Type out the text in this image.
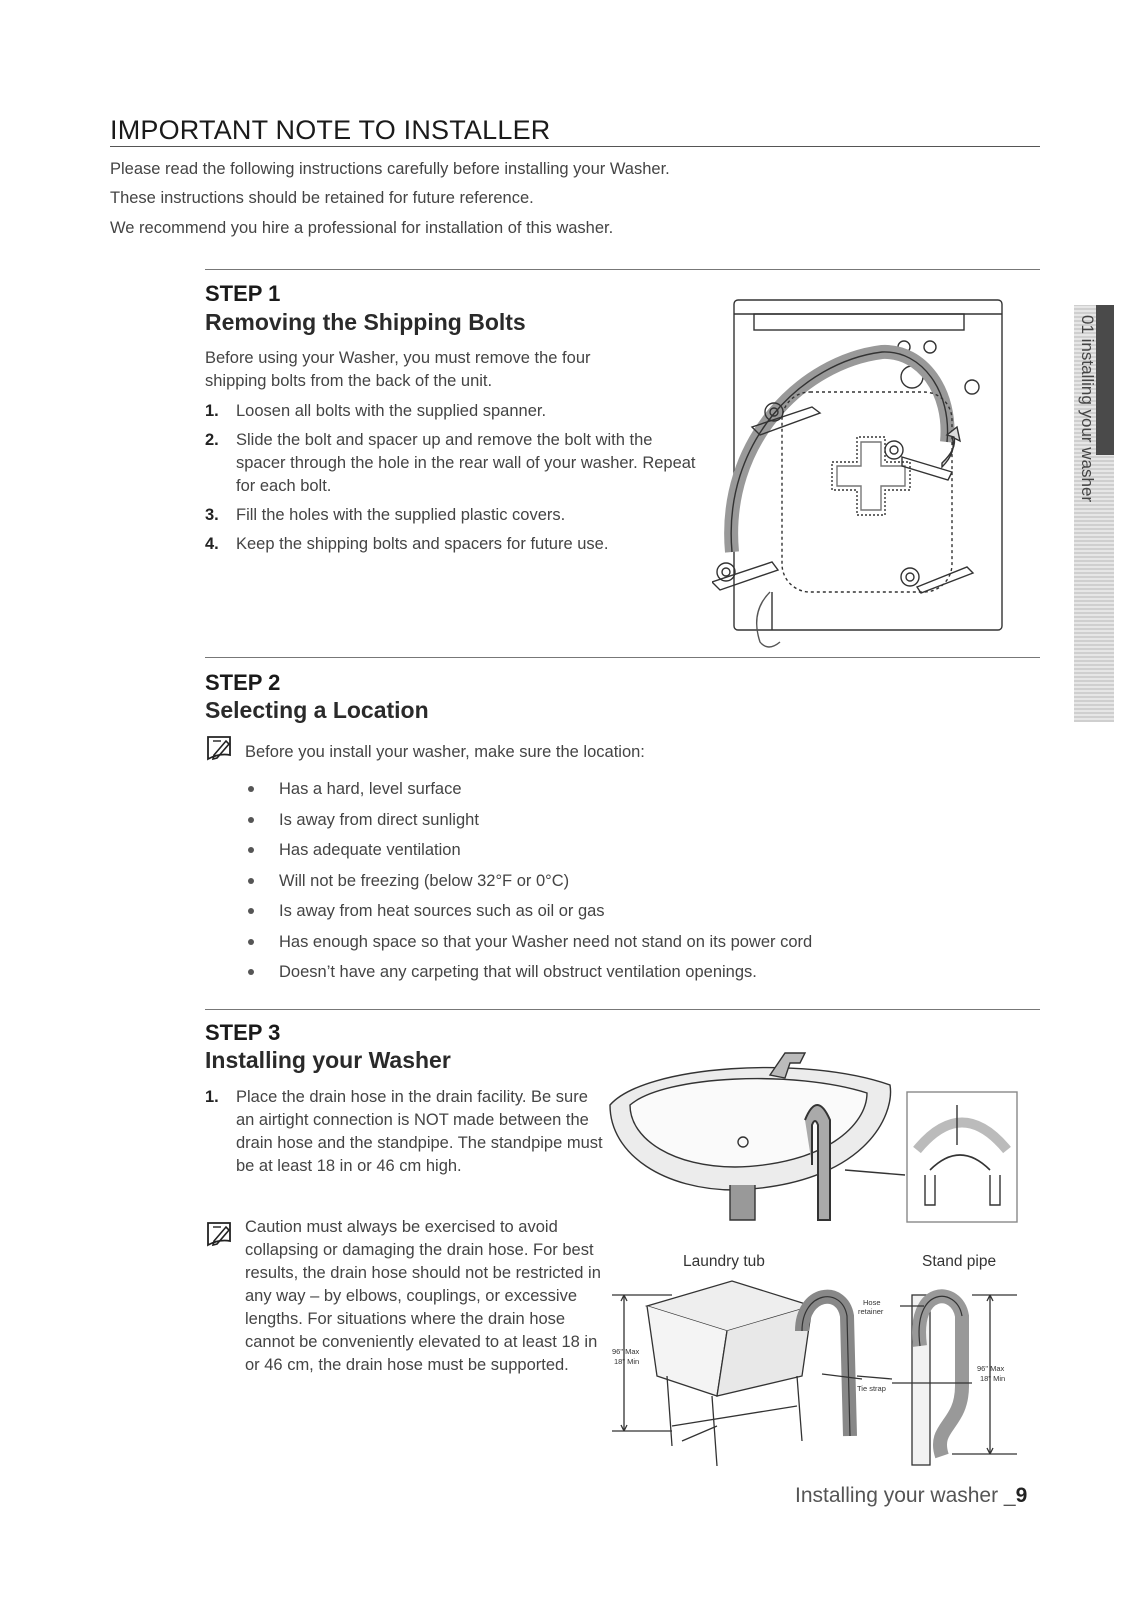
IMPORTANT NOTE TO INSTALLER

Please read the following instructions carefully before installing your Washer.

These instructions should be retained for future reference.

We recommend you hire a professional for installation of this washer.

01 installing your washer
STEP 1
Removing the Shipping Bolts

Before using your Washer, you must remove the four

shipping bolts from the back of the unit.

1. Loosen all bolts with the supplied spanner.
2. Slide the bolt and spacer up and remove the bolt with the spacer through the hole in the rear wall of your washer. Repeat for each bolt.
3. Fill the holes with the supplied plastic covers.
4. Keep the shipping bolts and spacers for future use.
STEP 2
Selecting a Location

Before you install your washer, make sure the location:

Has a hard, level surface
Is away from direct sunlight
Has adequate ventilation
Will not be freezing (below 32°F or 0°C)
Is away from heat sources such as oil or gas
Has enough space so that your Washer need not stand on its power cord
Doesn’t have any carpeting that will obstruct ventilation openings.
STEP 3
Installing your Washer
1. Place the drain hose in the drain facility. Be sure an airtight connection is NOT made between the drain hose and the standpipe. The standpipe must be at least 18 in or 46 cm high.

Caution must always be exercised to avoid collapsing or damaging the drain hose. For best results, the drain hose should not be restricted in any way – by elbows, couplings, or excessive lengths. For situations where the drain hose cannot be conveniently elevated to at least 18 in or 46 cm, the drain hose must be supported.

Laundry tub	Stand pipe
96" Max
18" Min
Hose
retainer
Tie strap
96" Max
18" Min
Installing your washer _9
